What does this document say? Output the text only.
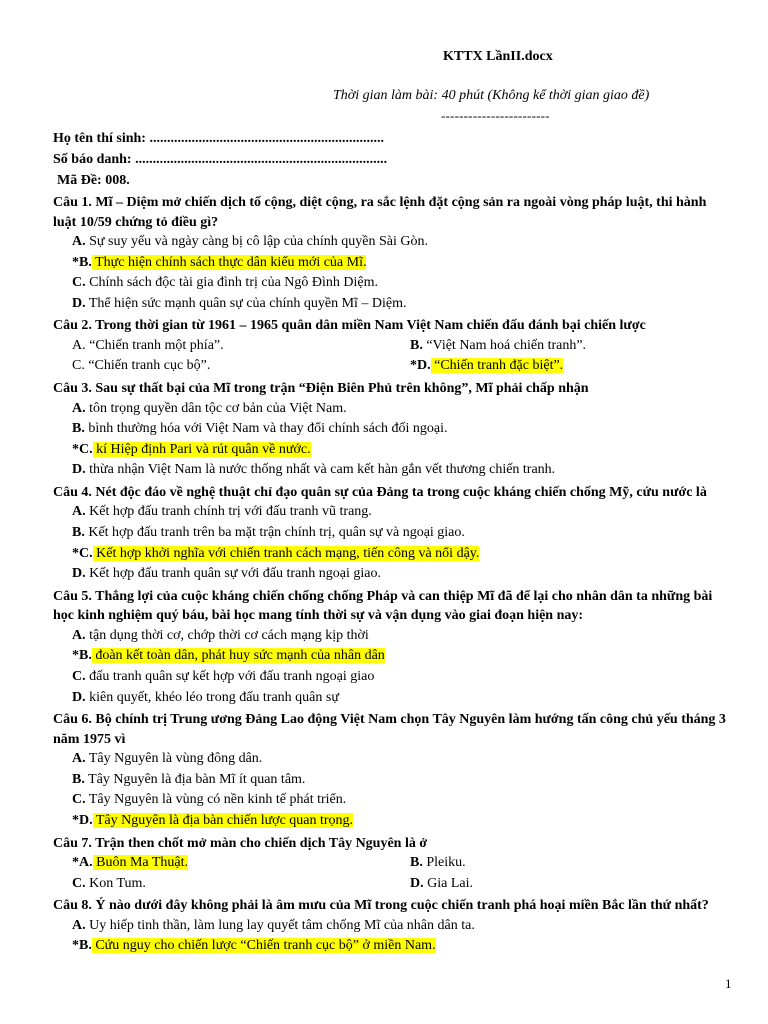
KTTX LầnII.docx
Thời gian làm bài: 40 phút (Không kể thời gian giao đề)
------------------------
Họ tên thí sinh: ...................................................................
Số báo danh: ........................................................................
Mã Đề: 008.
Câu 1. Mĩ – Diệm mở chiến dịch tố cộng, diệt cộng, ra sắc lệnh đặt cộng sản ra ngoài vòng pháp luật, thi hành luật 10/59 chứng tỏ điều gì?
A. Sự suy yếu và ngày càng bị cô lập của chính quyền Sài Gòn.
*B. Thực hiện chính sách thực dân kiểu mới của Mĩ.
C. Chính sách độc tài gia đình trị của Ngô Đình Diệm.
D. Thể hiện sức mạnh quân sự của chính quyền Mĩ – Diệm.
Câu 2. Trong thời gian từ 1961 – 1965 quân dân miền Nam Việt Nam chiến đấu đánh bại chiến lược
A. “Chiến tranh một phía”.	B. “Việt Nam hoá chiến tranh”.
C. “Chiến tranh cục bộ”.	*D. “Chiến tranh đặc biệt”.
Câu 3. Sau sự thất bại của Mĩ trong trận “Điện Biên Phủ trên không”, Mĩ phải chấp nhận
A. tôn trọng quyền dân tộc cơ bản của Việt Nam.
B. bình thường hóa với Việt Nam và thay đổi chính sách đối ngoại.
*C. kí Hiệp định Pari và rút quân về nước.
D. thừa nhận Việt Nam là nước thống nhất và cam kết hàn gắn vết thương chiến tranh.
Câu 4. Nét độc đáo về nghệ thuật chỉ đạo quân sự của Đảng ta trong cuộc kháng chiến chống Mỹ, cứu nước là
A. Kết hợp đấu tranh chính trị với đấu tranh vũ trang.
B. Kết hợp đấu tranh trên ba mặt trận chính trị, quân sự và ngoại giao.
*C. Kết hợp khởi nghĩa với chiến tranh cách mạng, tiến công và nổi dậy.
D. Kết hợp đấu tranh quân sự với đấu tranh ngoại giao.
Câu 5. Thắng lợi của cuộc kháng chiến chống chống Pháp và can thiệp Mĩ đã để lại cho nhân dân ta những bài học kinh nghiệm quý báu, bài học mang tính thời sự và vận dụng vào giai đoạn hiện nay:
A. tận dụng thời cơ, chớp thời cơ cách mạng kịp thời
*B. đoàn kết toàn dân, phát huy sức mạnh của nhân dân
C. đấu tranh quân sự kết hợp với đấu tranh ngoại giao
D. kiên quyết, khéo léo trong đấu tranh quân sự
Câu 6. Bộ chính trị Trung ương Đảng Lao động Việt Nam chọn Tây Nguyên làm hướng tấn công chủ yếu tháng 3 năm 1975 vì
A. Tây Nguyên là vùng đông dân.
B. Tây Nguyên là địa bàn Mĩ ít quan tâm.
C. Tây Nguyên là vùng có nền kinh tế phát triển.
*D. Tây Nguyên là địa bàn chiến lược quan trọng.
Câu 7. Trận then chốt mở màn cho chiến dịch Tây Nguyên là ở
*A. Buôn Ma Thuật.	B. Pleiku.
C. Kon Tum.	D. Gia Lai.
Câu 8. Ý nào dưới đây không phải là âm mưu của Mĩ trong cuộc chiến tranh phá hoại miền Bắc lần thứ nhất?
A. Uy hiếp tinh thần, làm lung lay quyết tâm chống Mĩ của nhân dân ta.
*B. Cứu nguy cho chiến lược “Chiến tranh cục bộ” ở miền Nam.
1
